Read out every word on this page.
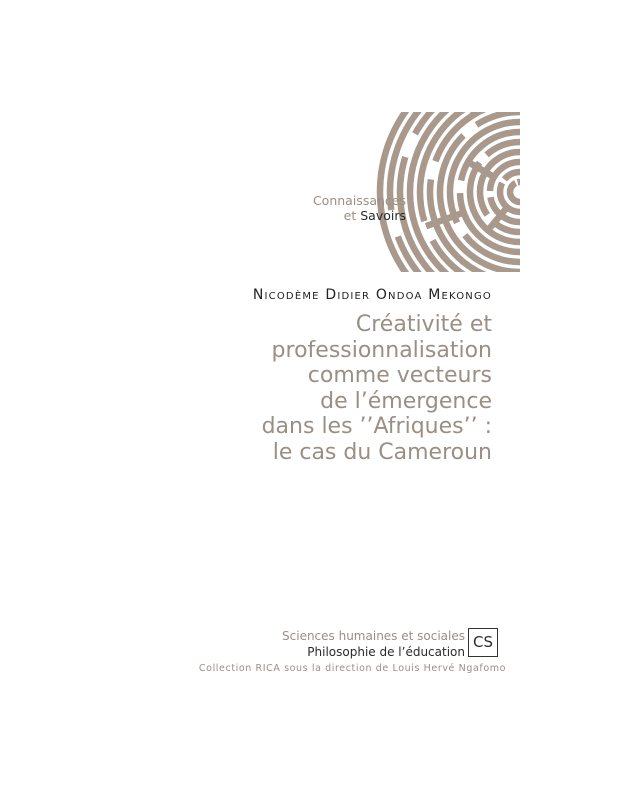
Connaissances
et Savoirs
Nicodème Didier Ondoa Mekongo
Créativité et
professionnalisation
comme vecteurs
de l’émergence
dans les ’’Afriques’’ :
le cas du Cameroun
Sciences humaines et sociales
Philosophie de l’éducation
CS
Collection RICA sous la direction de Louis Hervé Ngafomo
